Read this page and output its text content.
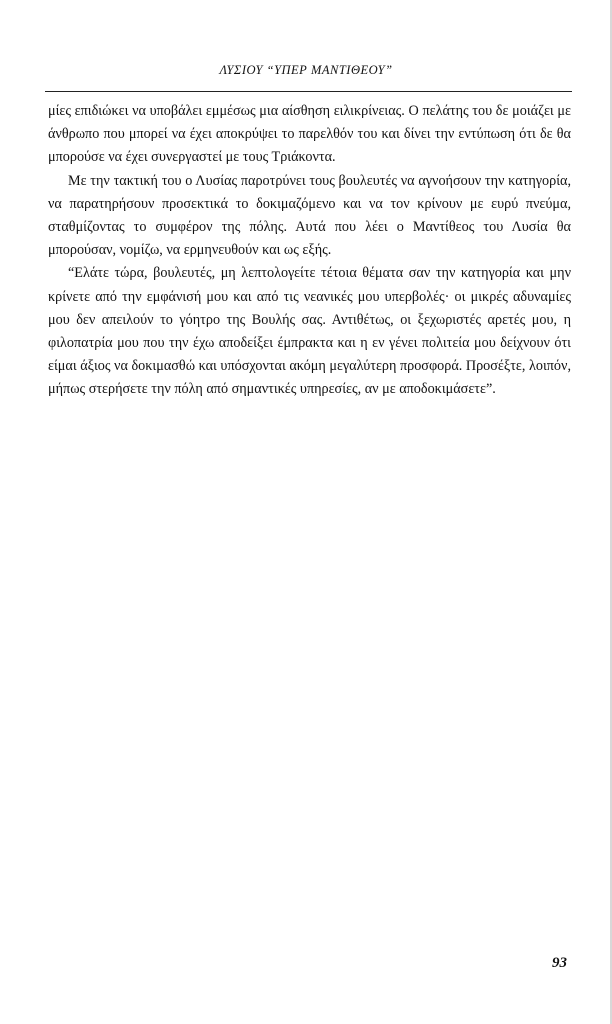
ΛΥΣΙΟΥ “ΥΠΕΡ ΜΑΝΤΙΘΕΟΥ”

μίες επιδιώκει να υποβάλει εμμέσως μια αίσθηση ειλικρίνειας. Ο πελάτης του δε μοιάζει με άνθρωπο που μπορεί να έχει αποκρύψει το παρελθόν του και δίνει την εντύπωση ότι δε θα μπορούσε να έχει συνεργαστεί με τους Τριάκοντα.

Με την τακτική του ο Λυσίας παροτρύνει τους βουλευτές να αγνοήσουν την κατηγορία, να παρατηρήσουν προσεκτικά το δοκιμαζόμενο και να τον κρίνουν με ευρύ πνεύμα, σταθμίζοντας το συμφέρον της πόλης. Αυτά που λέει ο Μαντίθεος του Λυσία θα μπορούσαν, νομίζω, να ερμηνευθούν και ως εξής.

“Ελάτε τώρα, βουλευτές, μη λεπτολογείτε τέτοια θέματα σαν την κατηγορία και μην κρίνετε από την εμφάνισή μου και από τις νεανικές μου υπερβολές· οι μικρές αδυναμίες μου δεν απειλούν το γόητρο της Βουλής σας. Αντιθέτως, οι ξεχωριστές αρετές μου, η φιλοπατρία μου που την έχω αποδείξει έμπρακτα και η εν γένει πολιτεία μου δείχνουν ότι είμαι άξιος να δοκιμασθώ και υπόσχονται ακόμη μεγαλύτερη προσφορά. Προσέξτε, λοιπόν, μήπως στερήσετε την πόλη από σημαντικές υπηρεσίες, αν με αποδοκιμάσετε”.

93
